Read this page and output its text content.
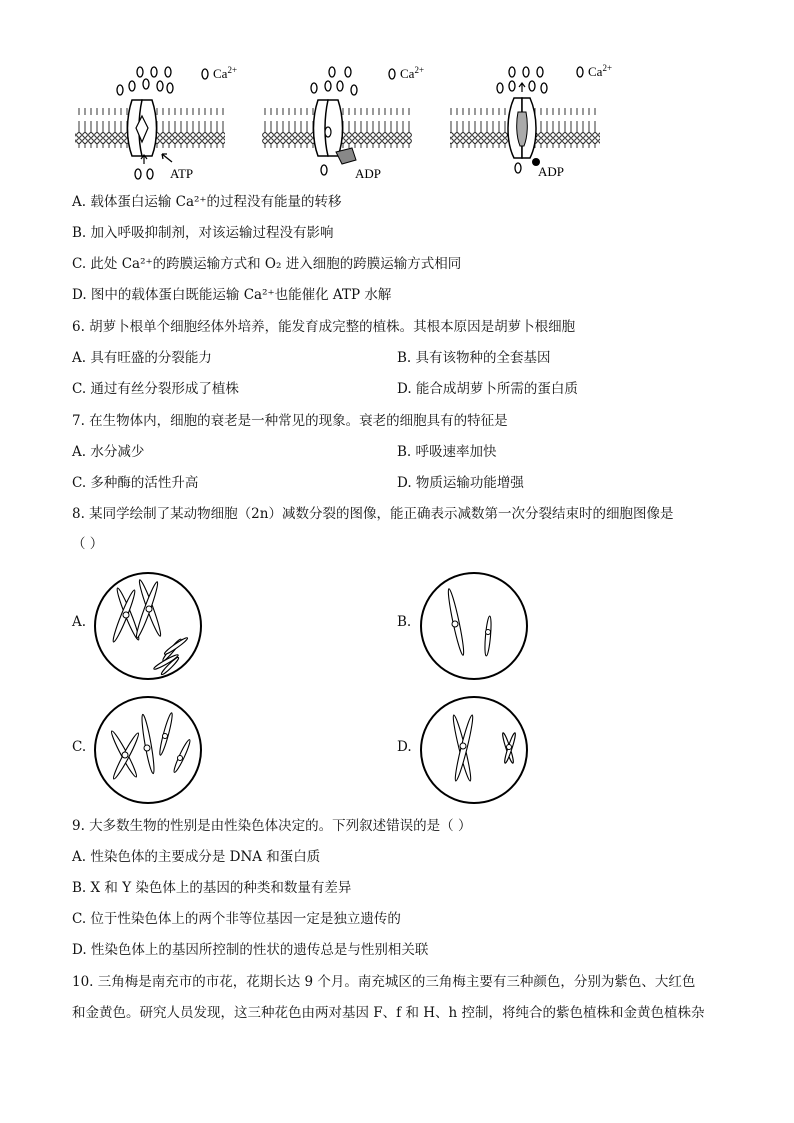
ATP	ADP
$Ca^{2+}$
ADP
$Ca^{2+}$
$Ca^{2+}$
A. 载体蛋白运输 Ca²⁺的过程没有能量的转移
B. 加入呼吸抑制剂，对该运输过程没有影响
C. 此处 Ca²⁺的跨膜运输方式和 O₂ 进入细胞的跨膜运输方式相同
D. 图中的载体蛋白既能运输 Ca²⁺也能催化 ATP 水解
6. 胡萝卜根单个细胞经体外培养，能发育成完整的植株。其根本原因是胡萝卜根细胞
A. 具有旺盛的分裂能力	B. 具有该物种的全套基因
C. 通过有丝分裂形成了植株	D. 能合成胡萝卜所需的蛋白质
7. 在生物体内，细胞的衰老是一种常见的现象。衰老的细胞具有的特征是
A. 水分减少	B. 呼吸速率加快
C. 多种酶的活性升高	D. 物质运输功能增强
8. 某同学绘制了某动物细胞（2n）减数分裂的图像，能正确表示减数第一次分裂结束时的细胞图像是
（ ）
A.	B.
C.	D.
9. 大多数生物的性别是由性染色体决定的。下列叙述错误的是（ ）
A. 性染色体的主要成分是 DNA 和蛋白质
B. X 和 Y 染色体上的基因的种类和数量有差异
C. 位于性染色体上的两个非等位基因一定是独立遗传的
D. 性染色体上的基因所控制的性状的遗传总是与性别相关联
10. 三角梅是南充市的市花，花期长达 9 个月。南充城区的三角梅主要有三种颜色，分别为紫色、大红色
和金黄色。研究人员发现，这三种花色由两对基因 F、f 和 H、h 控制，将纯合的紫色植株和金黄色植株杂
